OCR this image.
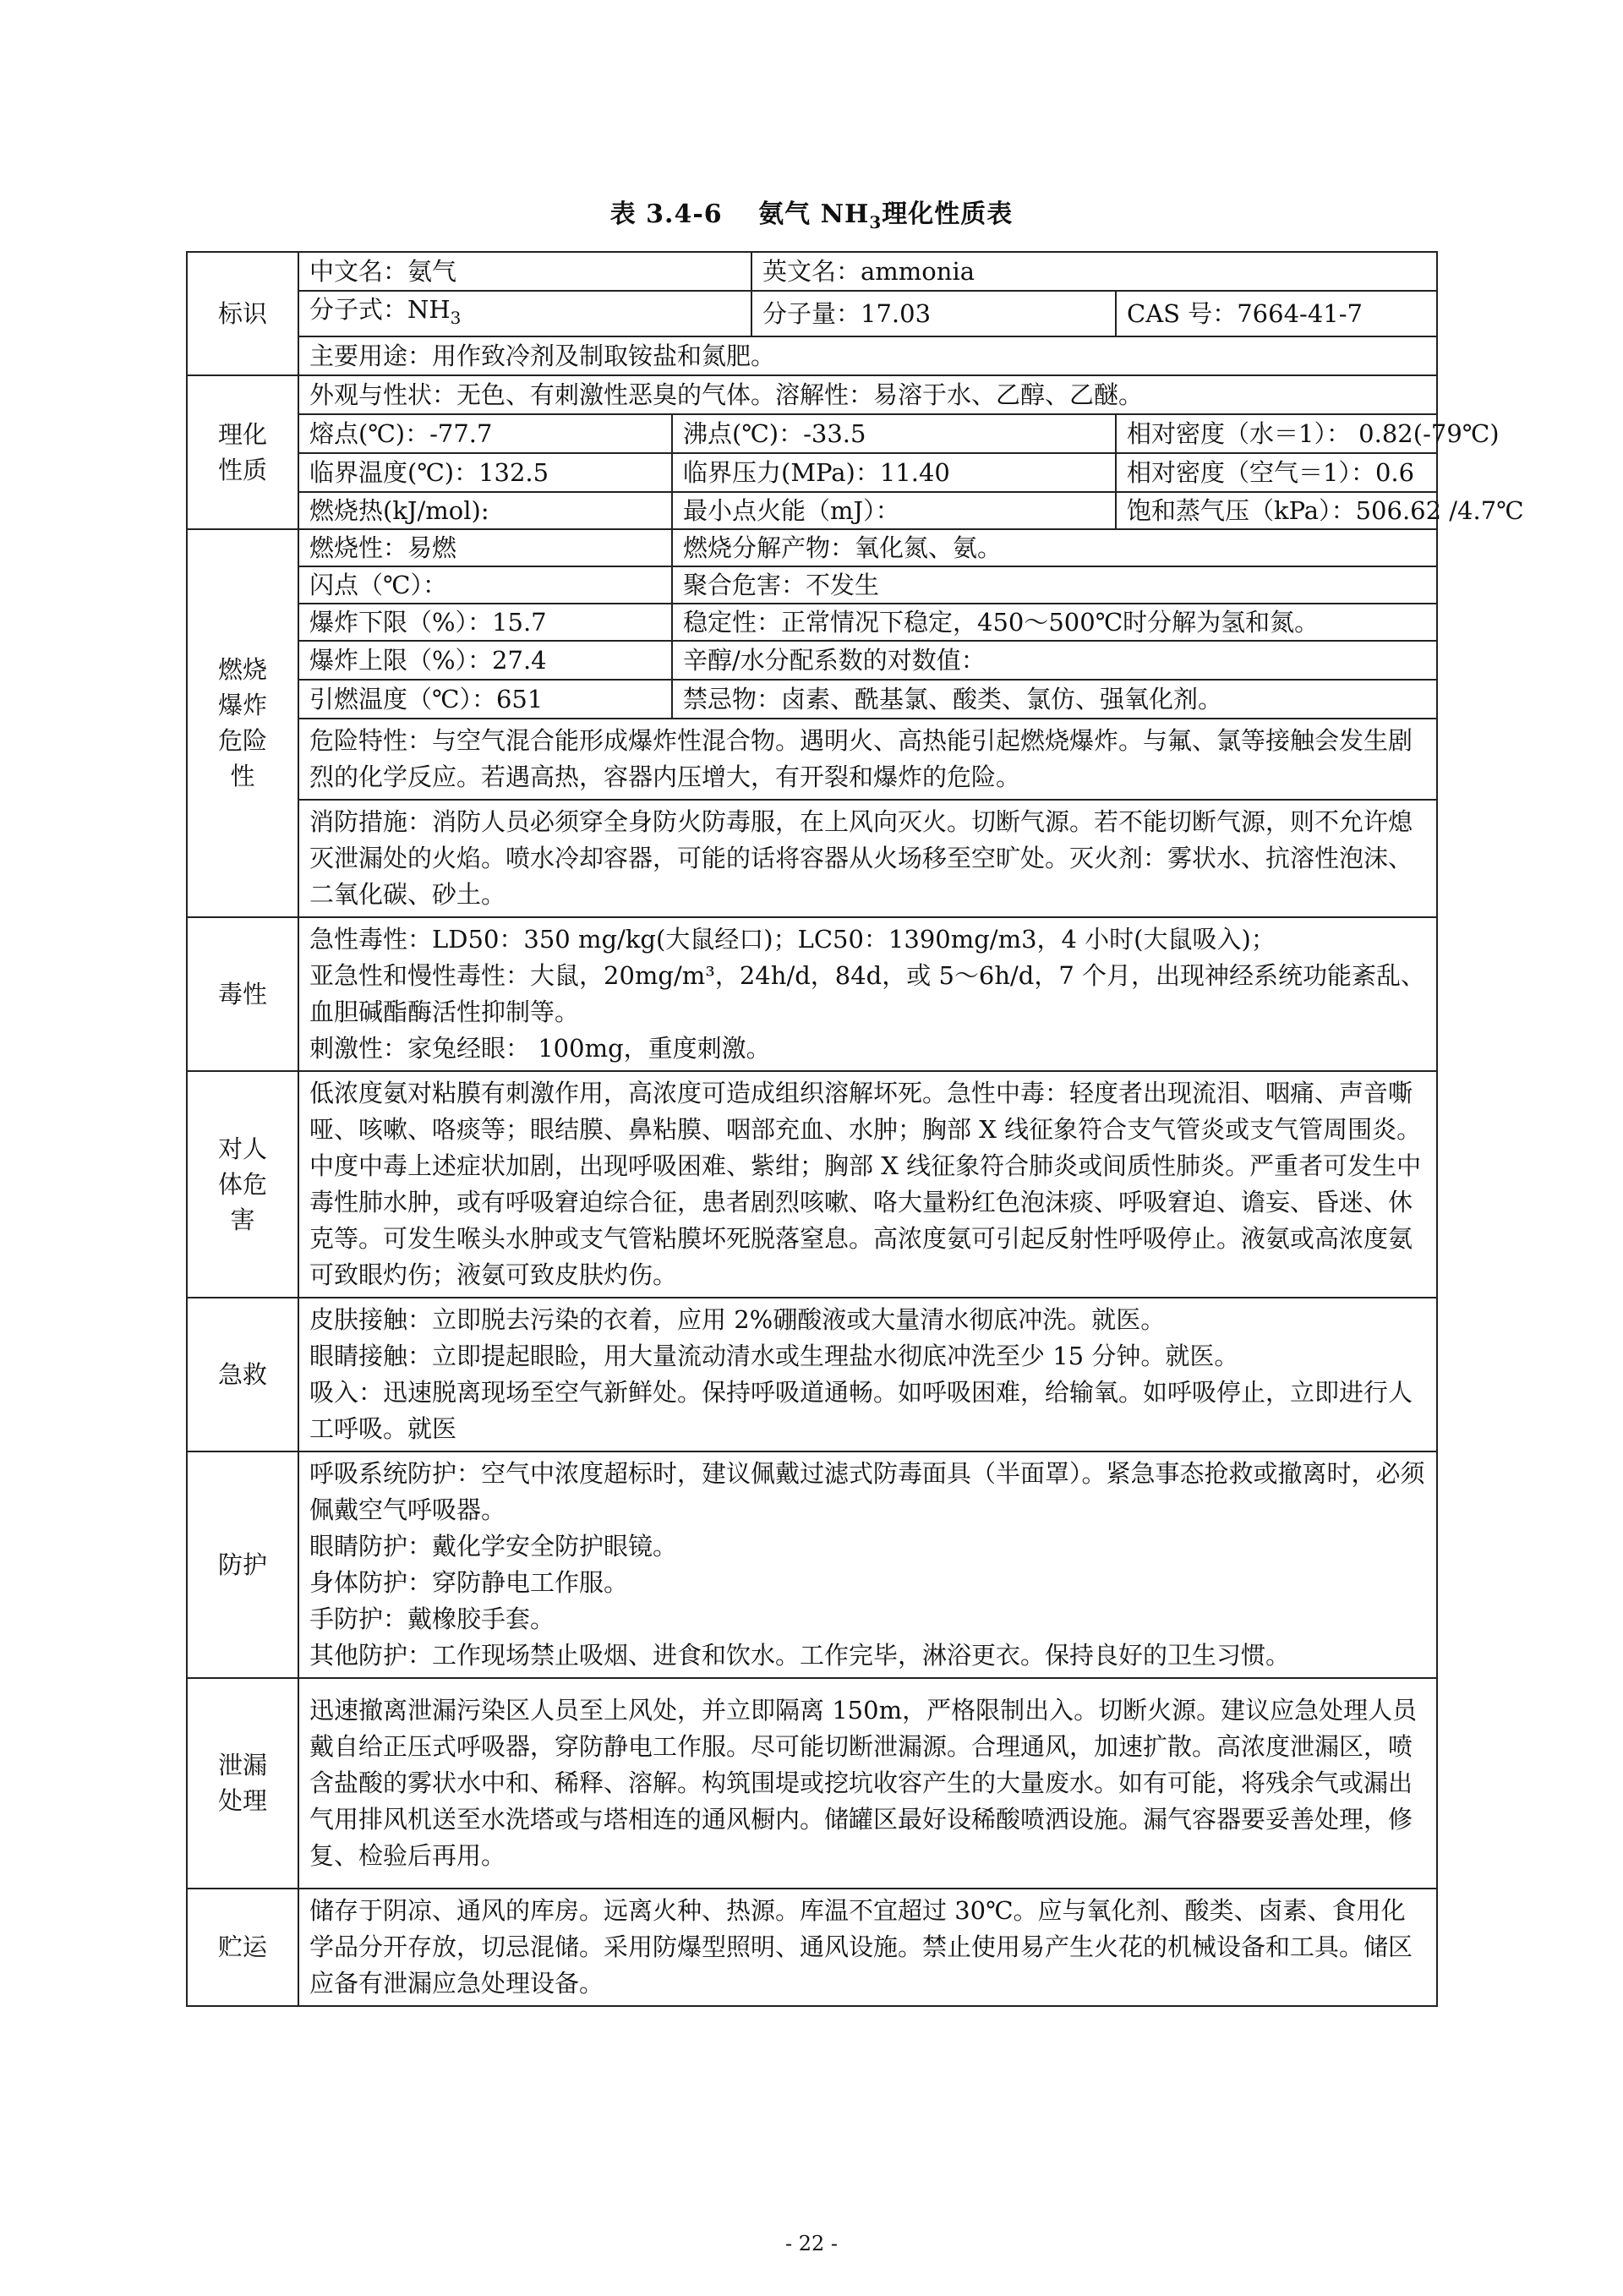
表 3.4-6　 氨气 $NH_3$理化性质表
标识	中文名：氨气		英文名：ammonia	
	分子式：$NH_3$		分子量：17.03	CAS 号：7664-41-7
	主要用途：用作致冷剂及制取铵盐和氮肥。			
理化性质	外观与性状：无色、有刺激性恶臭的气体。溶解性：易溶于水、乙醇、乙醚。			
	熔点(℃)：-77.7	沸点(℃)：-33.5		相对密度（水＝1）： 0.82(-79℃)
	临界温度(℃)：132.5	临界压力(MPa)：11.40		相对密度（空气＝1）：0.6
	燃烧热(kJ/mol):	最小点火能（mJ）：		饱和蒸气压（kPa）：506.62 /4.7℃
燃烧爆炸危险性	燃烧性：易燃	燃烧分解产物：氧化氮、氨。		
	闪点（℃）：	聚合危害：不发生		
	爆炸下限（%）：15.7	稳定性：正常情况下稳定，450～500℃时分解为氢和氮。		
	爆炸上限（%）：27.4	辛醇/水分配系数的对数值：		
	引燃温度（℃）：651	禁忌物：卤素、酰基氯、酸类、氯仿、强氧化剂。		
	危险特性：与空气混合能形成爆炸性混合物。遇明火、高热能引起燃烧爆炸。与氟、氯等接触会发生剧烈的化学反应。若遇高热，容器内压增大，有开裂和爆炸的危险。			
	消防措施：消防人员必须穿全身防火防毒服，在上风向灭火。切断气源。若不能切断气源，则不允许熄灭泄漏处的火焰。喷水冷却容器，可能的话将容器从火场移至空旷处。灭火剂：雾状水、抗溶性泡沫、二氧化碳、砂土。			
毒性	急性毒性：LD50：350 mg/kg(大鼠经口)；LC50：1390mg/m3，4 小时(大鼠吸入)；
亚急性和慢性毒性：大鼠，20mg/m³，24h/d，84d，或 5～6h/d，7 个月，出现神经系统功能紊乱、血胆碱酯酶活性抑制等。
刺激性：家兔经眼： 100mg，重度刺激。			

对人体危害	低浓度氨对粘膜有刺激作用，高浓度可造成组织溶解坏死。急性中毒：轻度者出现流泪、咽痛、声音嘶哑、咳嗽、咯痰等；眼结膜、鼻粘膜、咽部充血、水肿；胸部 X 线征象符合支气管炎或支气管周围炎。中度中毒上述症状加剧，出现呼吸困难、紫绀；胸部 X 线征象符合肺炎或间质性肺炎。严重者可发生中毒性肺水肿，或有呼吸窘迫综合征，患者剧烈咳嗽、咯大量粉红色泡沫痰、呼吸窘迫、谵妄、昏迷、休克等。可发生喉头水肿或支气管粘膜坏死脱落窒息。高浓度氨可引起反射性呼吸停止。液氨或高浓度氨可致眼灼伤；液氨可致皮肤灼伤。			
急救	皮肤接触：立即脱去污染的衣着，应用 2%硼酸液或大量清水彻底冲洗。就医。
眼睛接触：立即提起眼睑，用大量流动清水或生理盐水彻底冲洗至少 15 分钟。就医。
吸入：迅速脱离现场至空气新鲜处。保持呼吸道通畅。如呼吸困难，给输氧。如呼吸停止，立即进行人工呼吸。就医			

防护	呼吸系统防护：空气中浓度超标时，建议佩戴过滤式防毒面具（半面罩）。紧急事态抢救或撤离时，必须佩戴空气呼吸器。
眼睛防护：戴化学安全防护眼镜。
身体防护：穿防静电工作服。
手防护：戴橡胶手套。
其他防护：工作现场禁止吸烟、进食和饮水。工作完毕，淋浴更衣。保持良好的卫生习惯。			

泄漏处理	迅速撤离泄漏污染区人员至上风处，并立即隔离 150m，严格限制出入。切断火源。建议应急处理人员戴自给正压式呼吸器，穿防静电工作服。尽可能切断泄漏源。合理通风，加速扩散。高浓度泄漏区，喷含盐酸的雾状水中和、稀释、溶解。构筑围堤或挖坑收容产生的大量废水。如有可能，将残余气或漏出气用排风机送至水洗塔或与塔相连的通风橱内。储罐区最好设稀酸喷洒设施。漏气容器要妥善处理，修复、检验后再用。			
贮运	储存于阴凉、通风的库房。远离火种、热源。库温不宜超过 30℃。应与氧化剂、酸类、卤素、食用化学品分开存放，切忌混储。采用防爆型照明、通风设施。禁止使用易产生火花的机械设备和工具。储区应备有泄漏应急处理设备。			
- 22 -
